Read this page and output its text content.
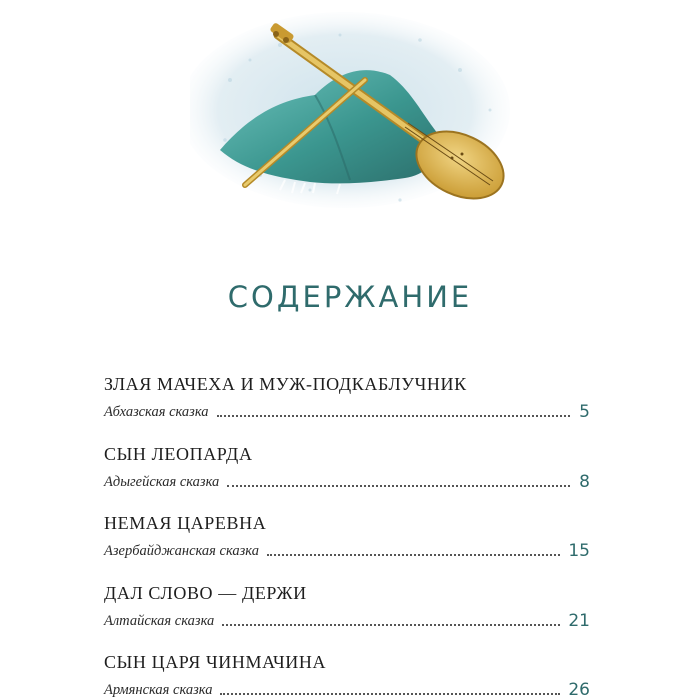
СОДЕРЖАНИЕ
ЗЛАЯ МАЧЕХА И МУЖ-ПОДКАБЛУЧНИК
Абхазская сказка	5
СЫН ЛЕОПАРДА
Адыгейская сказка	8
НЕМАЯ ЦАРЕВНА
Азербайджанская сказка	15
ДАЛ СЛОВО — ДЕРЖИ
Алтайская сказка	21
СЫН ЦАРЯ ЧИНМАЧИНА
Армянская сказка	26
